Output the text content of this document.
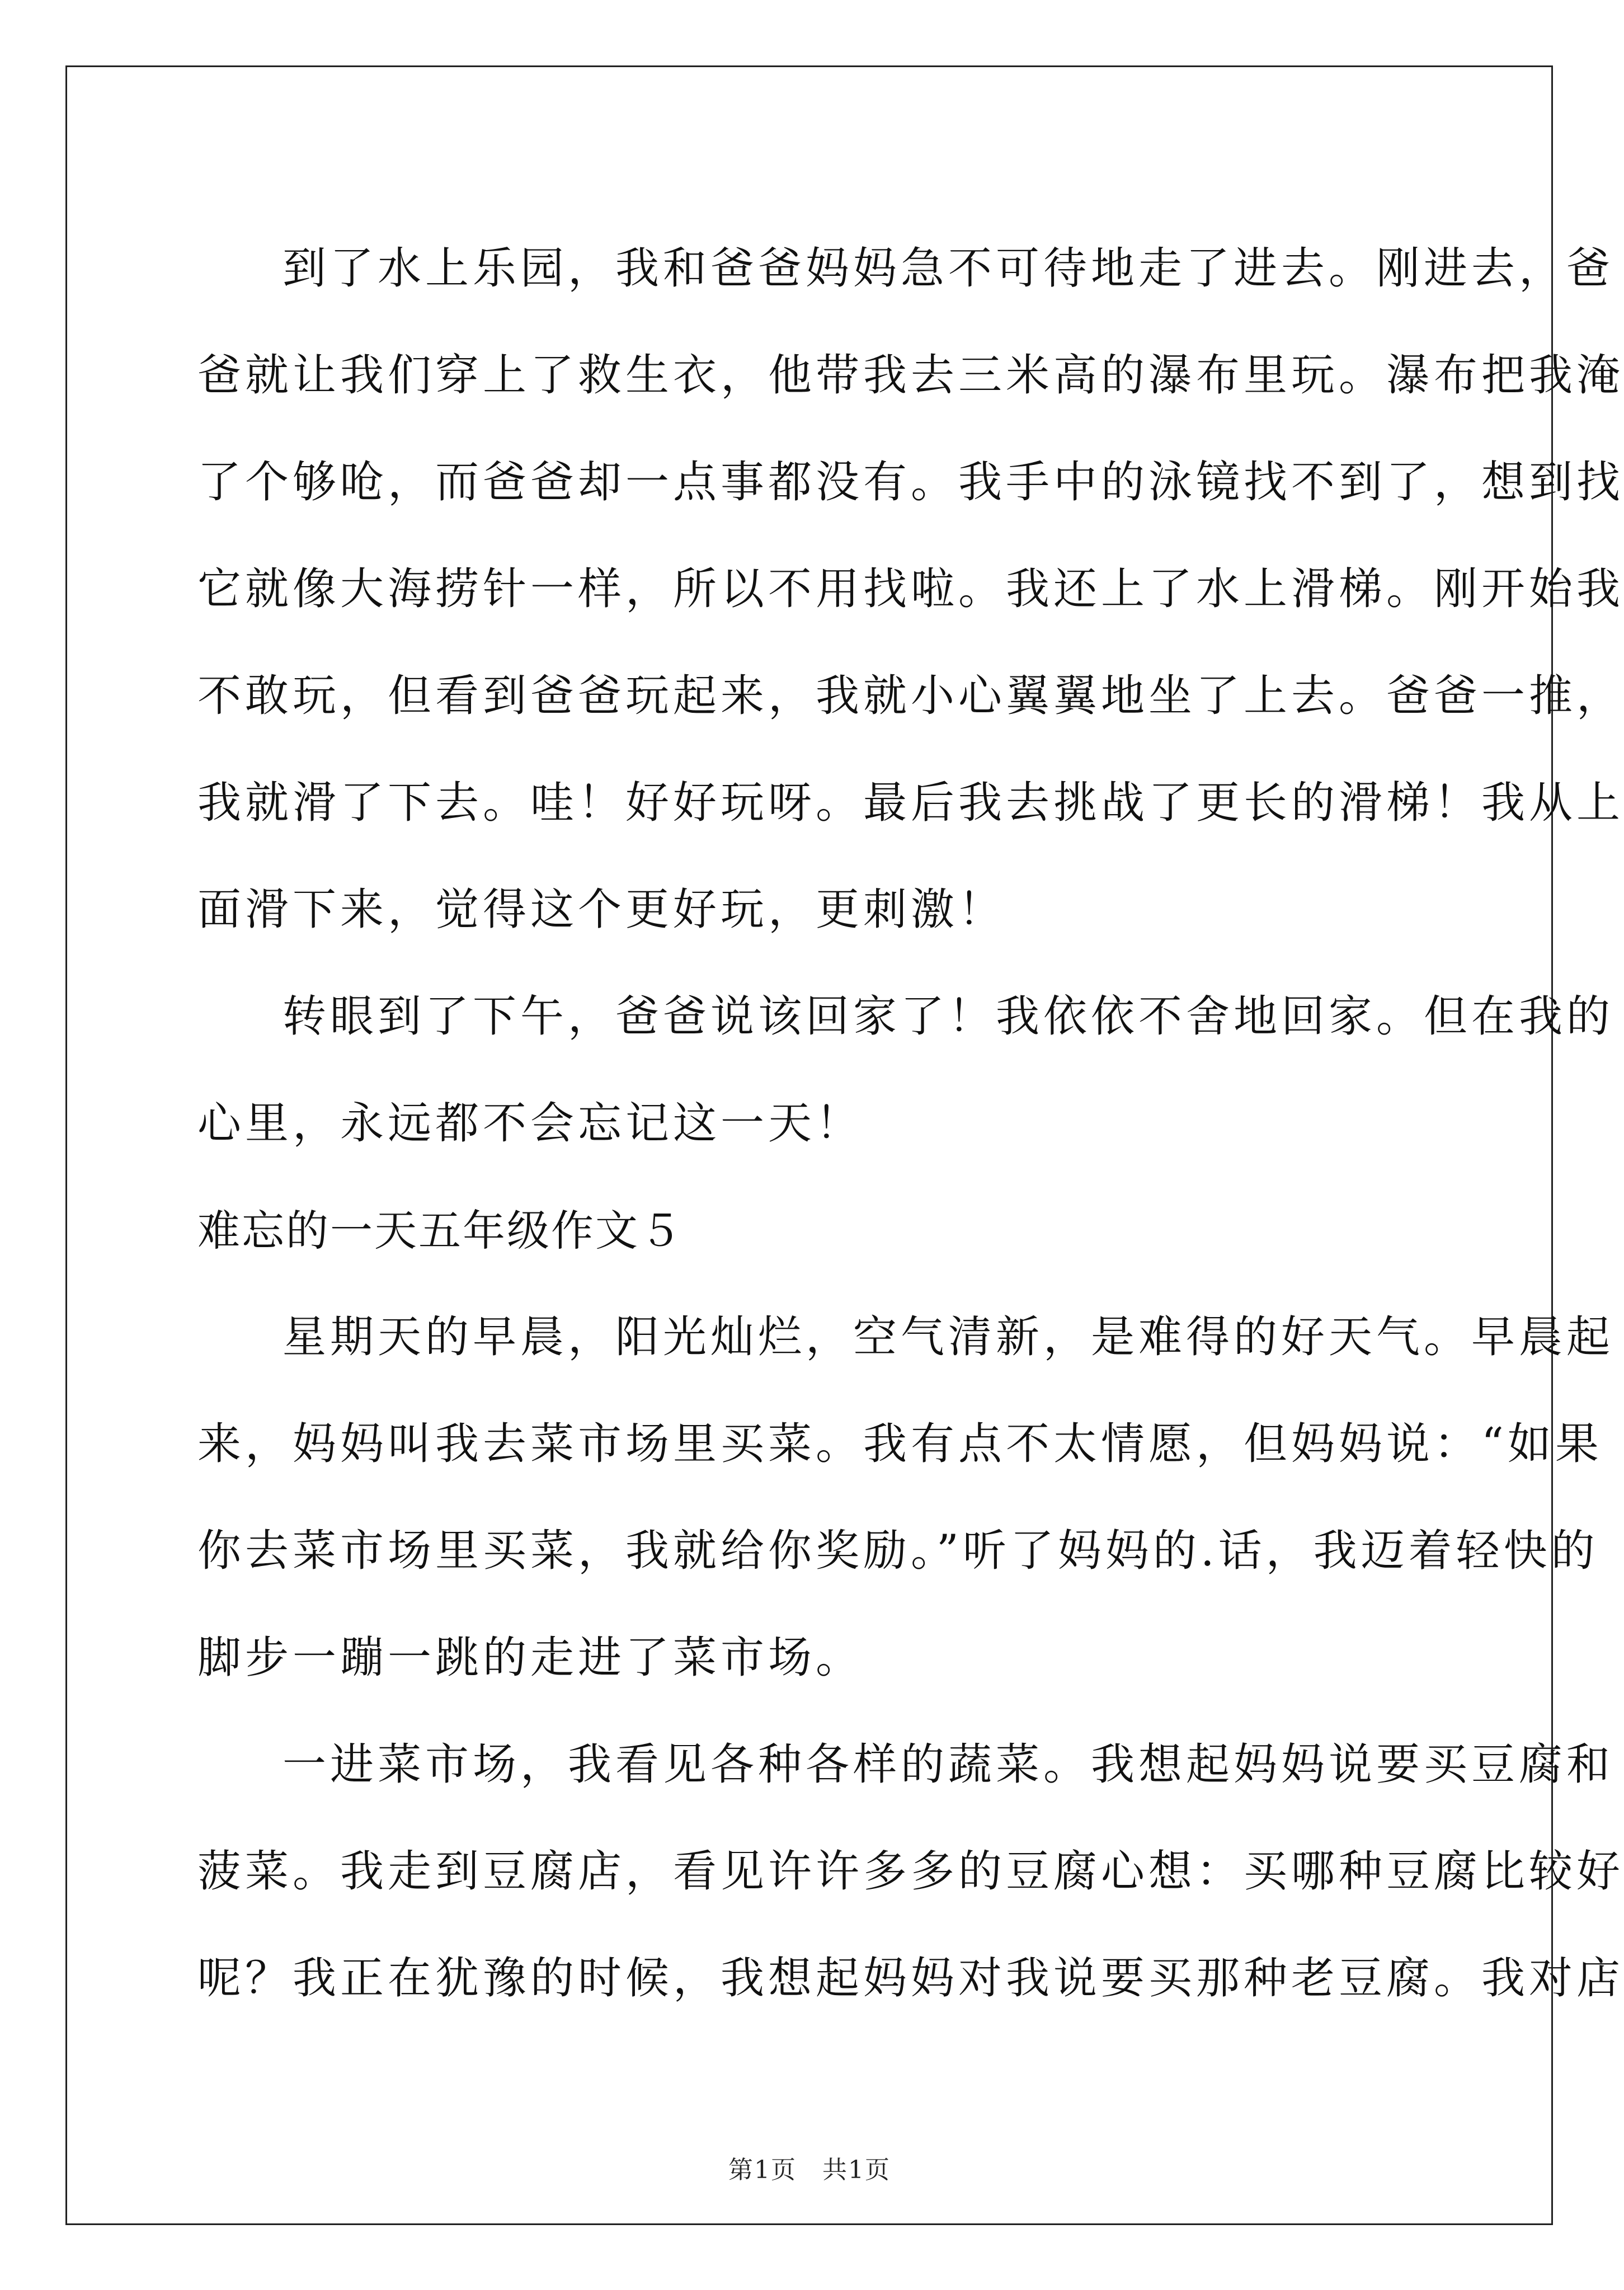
到了水上乐园，我和爸爸妈妈急不可待地走了进去。刚进去，爸
爸就让我们穿上了救生衣，他带我去三米高的瀑布里玩。瀑布把我淹
了个够呛，而爸爸却一点事都没有。我手中的泳镜找不到了，想到找
它就像大海捞针一样，所以不用找啦。我还上了水上滑梯。刚开始我
不敢玩，但看到爸爸玩起来，我就小心翼翼地坐了上去。爸爸一推，
我就滑了下去。哇！好好玩呀。最后我去挑战了更长的滑梯！我从上
面滑下来，觉得这个更好玩，更刺激！
转眼到了下午，爸爸说该回家了！我依依不舍地回家。但在我的
心里，永远都不会忘记这一天！
难忘的一天五年级作文５
星期天的早晨，阳光灿烂，空气清新，是难得的好天气。早晨起
来，妈妈叫我去菜市场里买菜。我有点不太情愿，但妈妈说：“如果
你去菜市场里买菜，我就给你奖励。”听了妈妈的.话，我迈着轻快的
脚步一蹦一跳的走进了菜市场。
一进菜市场，我看见各种各样的蔬菜。我想起妈妈说要买豆腐和
菠菜。我走到豆腐店，看见许许多多的豆腐心想：买哪种豆腐比较好
呢？我正在犹豫的时候，我想起妈妈对我说要买那种老豆腐。我对店
第1页　共1页
